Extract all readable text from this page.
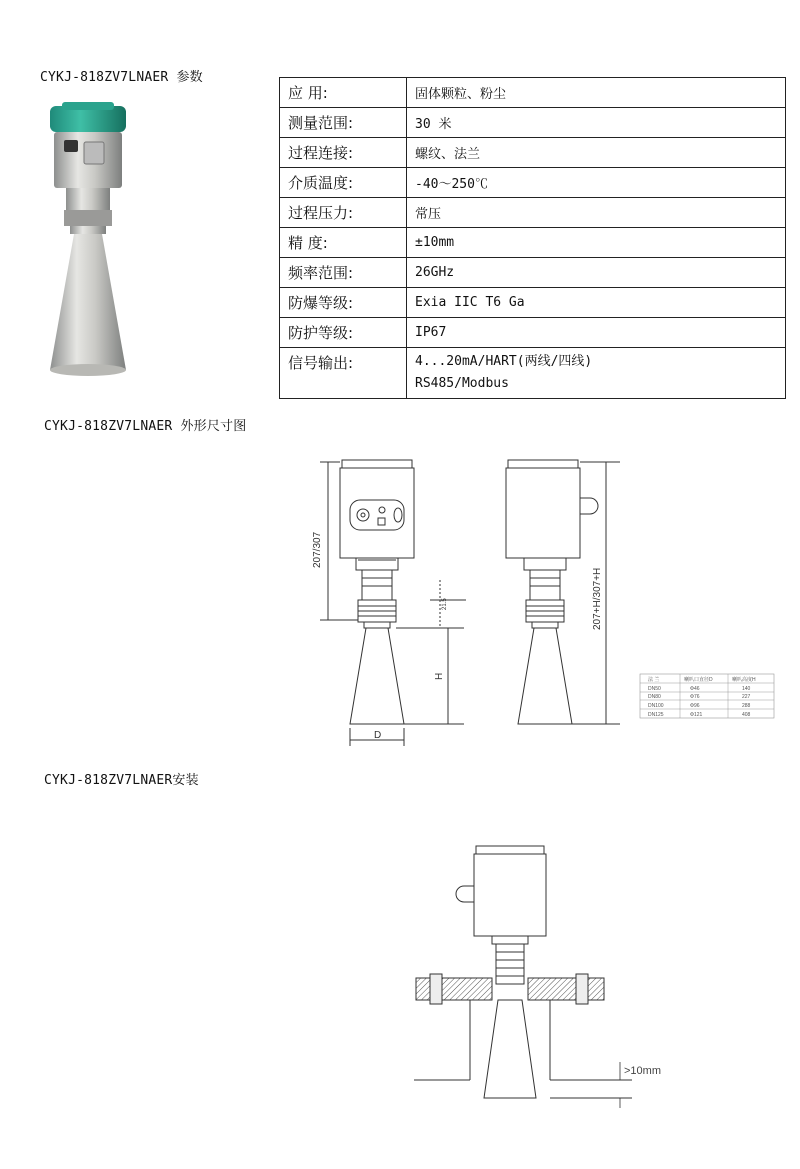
CYKJ-818ZV7LNAER 参数
应 用:	固体颗粒、粉尘
测量范围:	30 米
过程连接:	螺纹、法兰
介质温度:	-40～250℃
过程压力:	常压
精 度:	±10mm
频率范围:	26GHz
防爆等级:	Exia IIC T6 Ga
防护等级:	IP67
信号输出:	4...20mA/HART(两线/四线)
RS485/Modbus
CYKJ-818ZV7LNAER 外形尺寸图
207/307
21.5
H
D
207+H/307+H
法 兰	喇叭口直径D	喇叭高度H
DN50	Φ46	140
DN80	Φ76	227
DN100	Φ96	288
DN125	Φ121	408
CYKJ-818ZV7LNAER安装
>10mm
